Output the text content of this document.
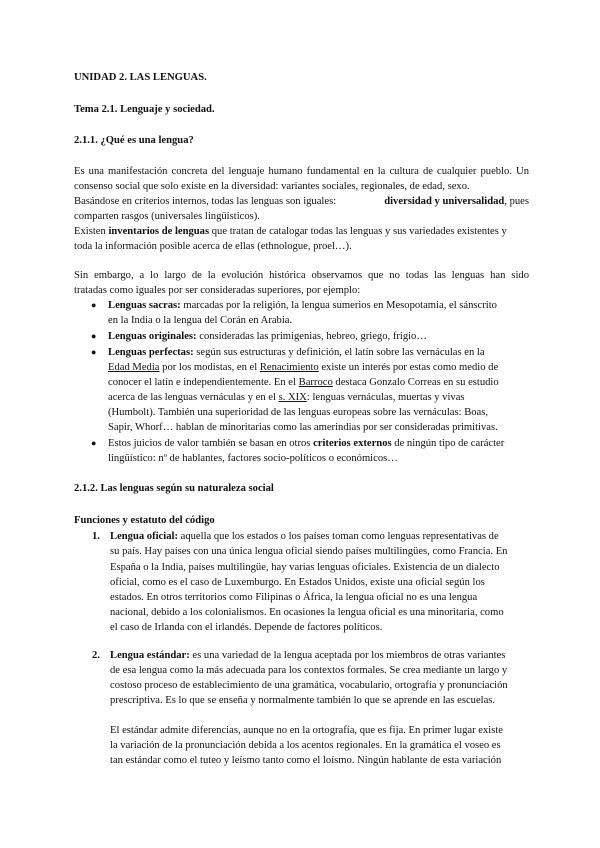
UNIDAD 2. LAS LENGUAS.
Tema 2.1. Lenguaje y sociedad.
2.1.1. ¿Qué es una lengua?
Es una manifestación concreta del lenguaje humano fundamental en la cultura de cualquier pueblo. Un
consenso social que solo existe en la diversidad: variantes sociales, regionales, de edad, sexo.
Basándose en criterios internos, todas las lenguas son iguales:	diversidad y universalidad, pues
comparten rasgos (universales lingüísticos).
Existen inventarios de lenguas que tratan de catalogar todas las lenguas y sus variedades existentes y
toda la información posible acerca de ellas (ethnologue, proel…).
Sin embargo, a lo largo de la evolución histórica observamos que no todas las lenguas han sido
tratadas como iguales por ser consideradas superiores, por ejemplo:
● Lenguas sacras: marcadas por la religión, la lengua sumerios en Mesopotamia, el sánscrito
en la India o la lengua del Corán en Arabia.
● Lenguas originales: consideradas las primigenias, hebreo, griego, frigio…
● Lenguas perfectas: según sus estructuras y definición, el latín sobre las vernáculas en la
Edad Media por los modistas, en el Renacimiento existe un interés por estas como medio de
conocer el latín e independientemente. En el Barroco destaca Gonzalo Correas en su estudio
acerca de las lenguas vernáculas y en el s. XIX: lenguas vernáculas, muertas y vivas
(Humbolt). También una superioridad de las lenguas europeas sobre las vernáculas: Boas,
Sapir, Whorf… hablan de minoritarias como las amerindias por ser consideradas primitivas.
● Estos juicios de valor también se basan en otros criterios externos de ningún tipo de carácter
lingüístico: nº de hablantes, factores socio-políticos o económicos…
2.1.2. Las lenguas según su naturaleza social
Funciones y estatuto del código
1. Lengua oficial: aquella que los estados o los países toman como lenguas representativas de
su país. Hay países con una única lengua oficial siendo países multilingües, como Francia. En
España o la India, países multilingüe, hay varias lenguas oficiales. Existencia de un dialecto
oficial, como es el caso de Luxemburgo. En Estados Unidos, existe una oficial según los
estados. En otros territorios como Filipinas o África, la lengua oficial no es una lengua
nacional, debido a los colonialismos. En ocasiones la lengua oficial es una minoritaria, como
el caso de Irlanda con el irlandés. Depende de factores políticos.
2. Lengua estándar: es una variedad de la lengua aceptada por los miembros de otras variantes
de esa lengua como la más adecuada para los contextos formales. Se crea mediante un largo y
costoso proceso de establecimiento de una gramática, vocabulario, ortografía y pronunciación
prescriptiva. Es lo que se enseña y normalmente también lo que se aprende en las escuelas.
El estándar admite diferencias, aunque no en la ortografía, que es fija. En primer lugar existe
la variación de la pronunciación debida a los acentos regionales. En la gramática el voseo es
tan estándar como el tuteo y leísmo tanto como el loísmo. Ningún hablante de esta variación
